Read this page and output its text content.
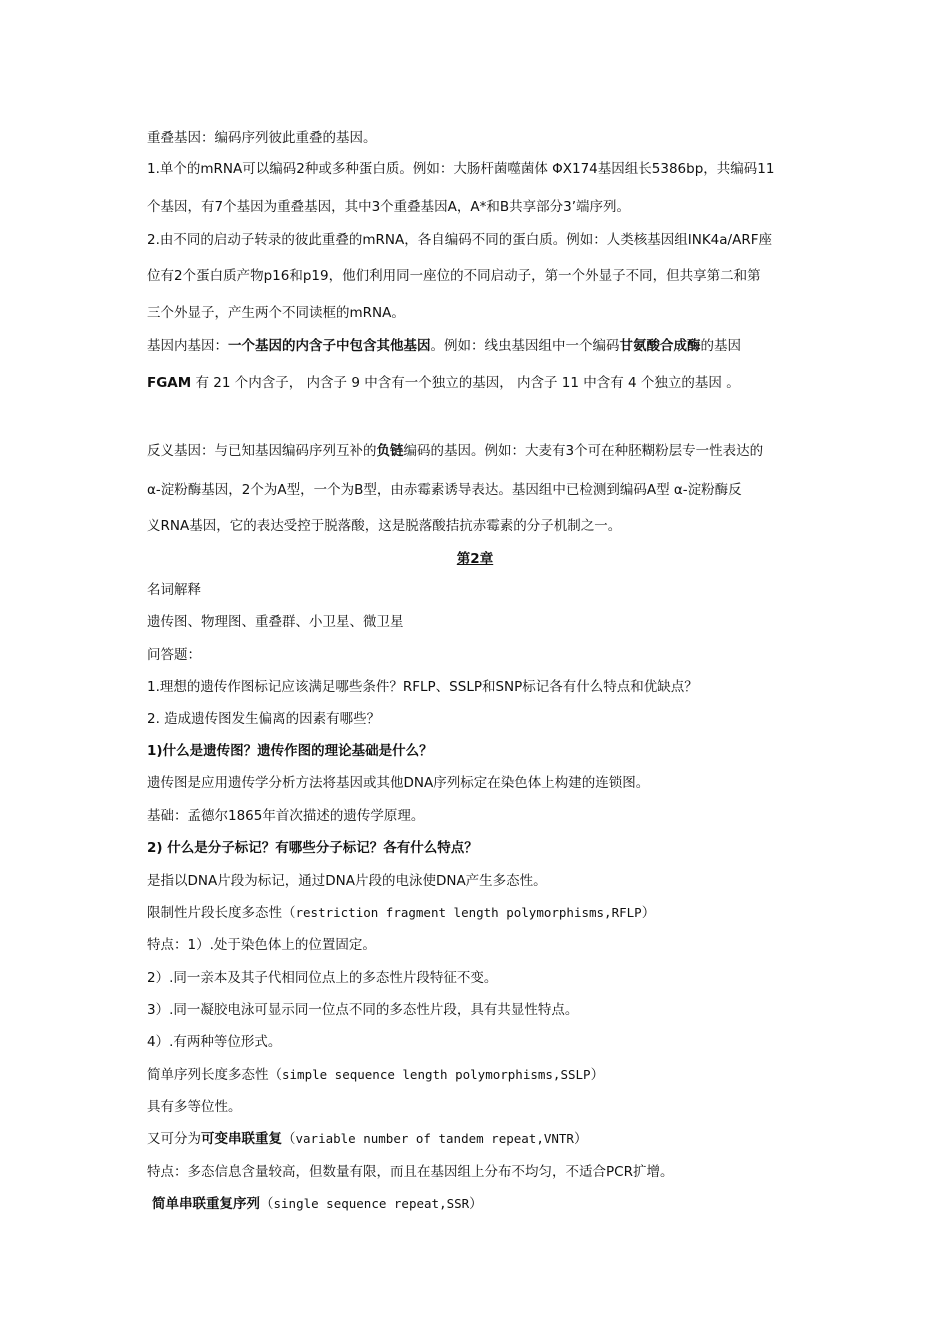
重叠基因：编码序列彼此重叠的基因。
1.单个的mRNA可以编码2种或多种蛋白质。例如：大肠杆菌噬菌体 ΦX174基因组长5386bp，共编码11
个基因，有7个基因为重叠基因，其中3个重叠基因A，A*和B共享部分3’端序列。
2.由不同的启动子转录的彼此重叠的mRNA，各自编码不同的蛋白质。例如：人类核基因组INK4a/ARF座
位有2个蛋白质产物p16和p19，他们利用同一座位的不同启动子，第一个外显子不同，但共享第二和第
三个外显子，产生两个不同读框的mRNA。
基因内基因：一个基因的内含子中包含其他基因。例如：线虫基因组中一个编码甘氨酸合成酶的基因
FGAM 有 21 个内含子， 内含子 9 中含有一个独立的基因， 内含子 11 中含有 4 个独立的基因 。
反义基因：与已知基因编码序列互补的负链编码的基因。例如：大麦有3个可在种胚糊粉层专一性表达的
α-淀粉酶基因，2个为A型，一个为B型，由赤霉素诱导表达。基因组中已检测到编码A型 α-淀粉酶反
义RNA基因，它的表达受控于脱落酸，这是脱落酸拮抗赤霉素的分子机制之一。
第2章
名词解释
遗传图、物理图、重叠群、小卫星、微卫星
问答题：
1.理想的遗传作图标记应该满足哪些条件？RFLP、SSLP和SNP标记各有什么特点和优缺点？
2. 造成遗传图发生偏离的因素有哪些？
1)什么是遗传图？遗传作图的理论基础是什么？
遗传图是应用遗传学分析方法将基因或其他DNA序列标定在染色体上构建的连锁图。
基础：孟德尔1865年首次描述的遗传学原理。
2) 什么是分子标记？有哪些分子标记？各有什么特点？
是指以DNA片段为标记，通过DNA片段的电泳使DNA产生多态性。
限制性片段长度多态性（restriction fragment length polymorphisms,RFLP）
特点：1）.处于染色体上的位置固定。
2）.同一亲本及其子代相同位点上的多态性片段特征不变。
3）.同一凝胶电泳可显示同一位点不同的多态性片段，具有共显性特点。
4）.有两种等位形式。
简单序列长度多态性（simple sequence length polymorphisms,SSLP）
具有多等位性。
又可分为可变串联重复（variable number of tandem repeat,VNTR）
特点：多态信息含量较高，但数量有限，而且在基因组上分布不均匀，不适合PCR扩增。
简单串联重复序列（single sequence repeat,SSR）
